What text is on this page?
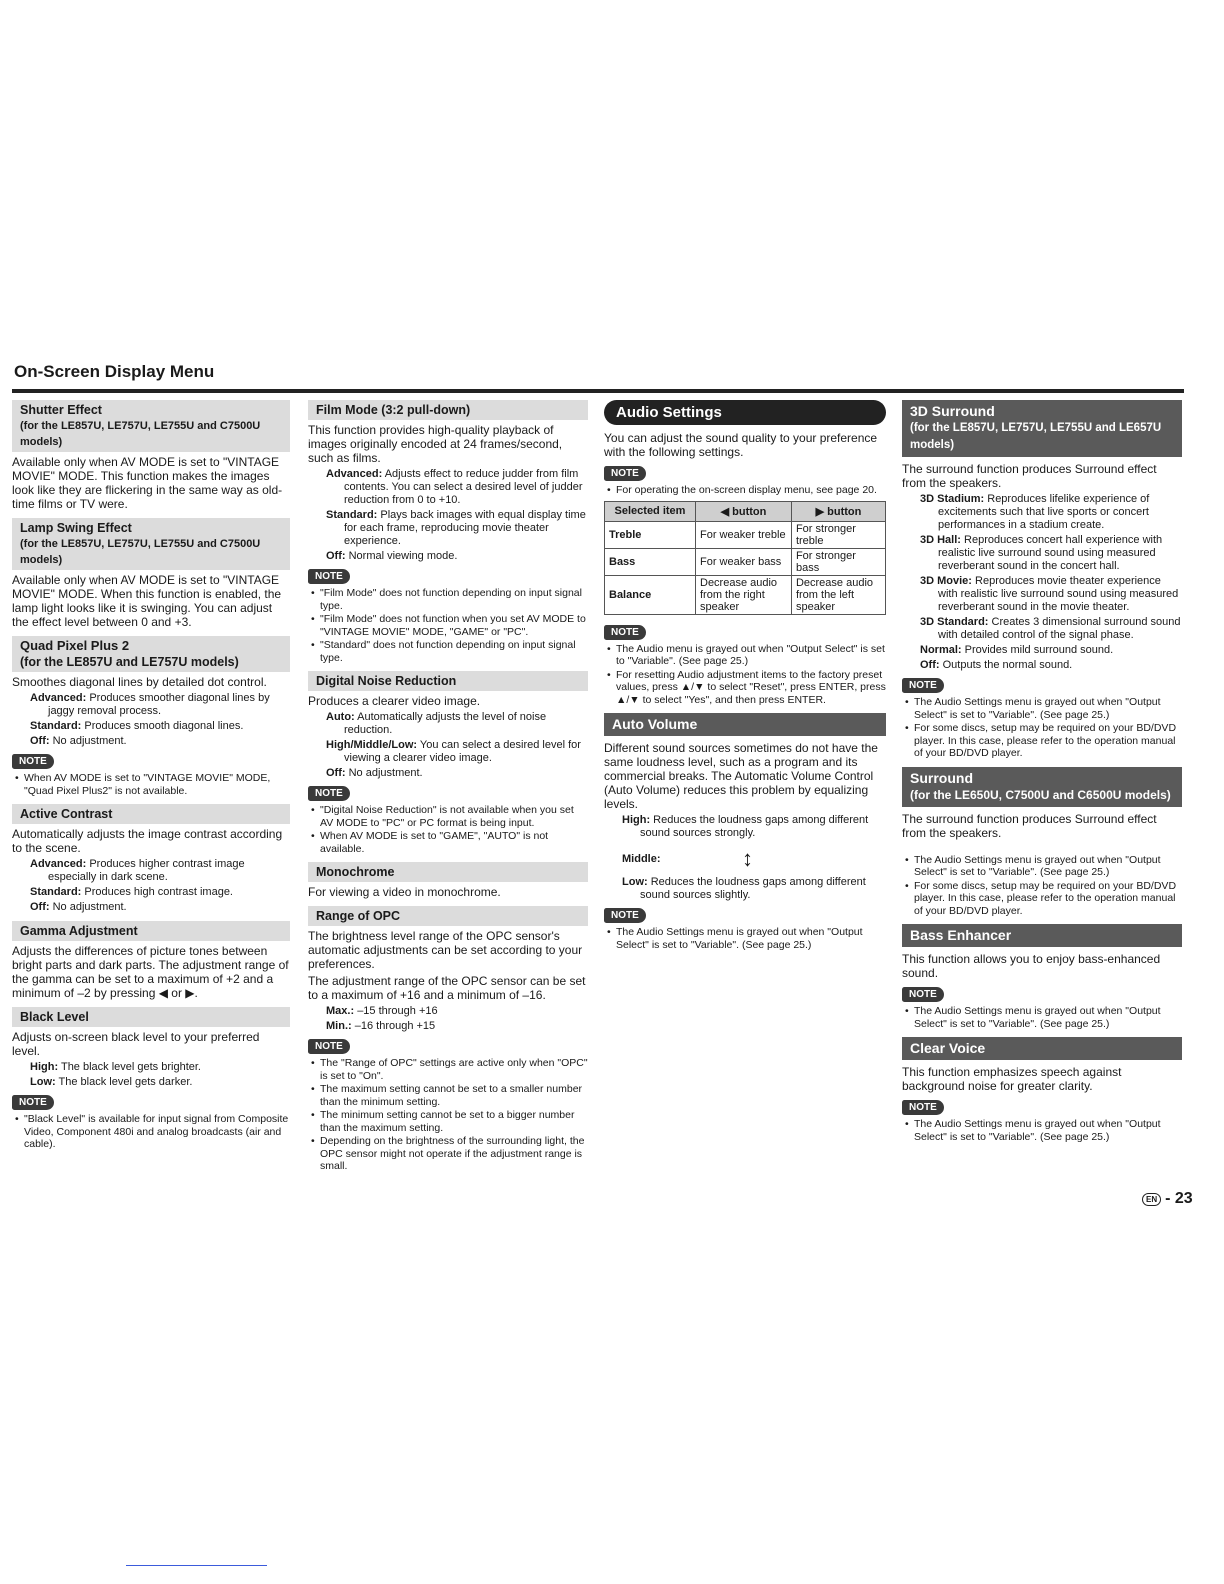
On-Screen Display Menu
Shutter Effect
(for the LE857U, LE757U, LE755U and C7500U models)

Available only when AV MODE is set to "VINTAGE MOVIE" MODE. This function makes the images look like they are flickering in the same way as old-time films or TV were.

Lamp Swing Effect
(for the LE857U, LE757U, LE755U and C7500U models)

Available only when AV MODE is set to "VINTAGE MOVIE" MODE. When this function is enabled, the lamp light looks like it is swinging. You can adjust the effect level between 0 and +3.

Quad Pixel Plus 2
(for the LE857U and LE757U models)

Smoothes diagonal lines by detailed dot control.

Advanced: Produces smoother diagonal lines by jaggy removal process.
Standard: Produces smooth diagonal lines.
Off: No adjustment.
NOTE
• When AV MODE is set to "VINTAGE MOVIE" MODE, "Quad Pixel Plus2" is not available.
Active Contrast

Automatically adjusts the image contrast according to the scene.

Advanced: Produces higher contrast image especially in dark scene.
Standard: Produces high contrast image.
Off: No adjustment.
Gamma Adjustment

Adjusts the differences of picture tones between bright parts and dark parts. The adjustment range of the gamma can be set to a maximum of +2 and a minimum of –2 by pressing ◀ or ▶.

Black Level

Adjusts on-screen black level to your preferred level.

High: The black level gets brighter.
Low: The black level gets darker.
NOTE
• "Black Level" is available for input signal from Composite Video, Component 480i and analog broadcasts (air and cable).
Film Mode (3:2 pull-down)

This function provides high-quality playback of images originally encoded at 24 frames/second, such as films.

Advanced: Adjusts effect to reduce judder from film contents. You can select a desired level of judder reduction from 0 to +10.
Standard: Plays back images with equal display time for each frame, reproducing movie theater experience.
Off: Normal viewing mode.
NOTE
• "Film Mode" does not function depending on input signal type.
• "Film Mode" does not function when you set AV MODE to "VINTAGE MOVIE" MODE, "GAME" or "PC".
• "Standard" does not function depending on input signal type.
Digital Noise Reduction

Produces a clearer video image.

Auto: Automatically adjusts the level of noise reduction.
High/Middle/Low: You can select a desired level for viewing a clearer video image.
Off: No adjustment.
NOTE
• "Digital Noise Reduction" is not available when you set AV MODE to "PC" or PC format is being input.
• When AV MODE is set to "GAME", "AUTO" is not available.
Monochrome

For viewing a video in monochrome.

Range of OPC

The brightness level range of the OPC sensor's automatic adjustments can be set according to your preferences.

The adjustment range of the OPC sensor can be set to a maximum of +16 and a minimum of –16.

Max.: –15 through +16
Min.: –16 through +15
NOTE
• The "Range of OPC" settings are active only when "OPC" is set to "On".
• The maximum setting cannot be set to a smaller number than the minimum setting.
• The minimum setting cannot be set to a bigger number than the maximum setting.
• Depending on the brightness of the surrounding light, the OPC sensor might not operate if the adjustment range is small.
Audio Settings

You can adjust the sound quality to your preference with the following settings.

NOTE
• For operating the on-screen display menu, see page 20.
Selected item	◀ button	▶ button
Treble	For weaker treble	For stronger treble
Bass	For weaker bass	For stronger bass
Balance	Decrease audio from the right speaker	Decrease audio from the left speaker
NOTE
• The Audio menu is grayed out when "Output Select" is set to "Variable". (See page 25.)
• For resetting Audio adjustment items to the factory preset values, press ▲/▼ to select "Reset", press ENTER, press ▲/▼ to select "Yes", and then press ENTER.
Auto Volume

Different sound sources sometimes do not have the same loudness level, such as a program and its commercial breaks. The Automatic Volume Control (Auto Volume) reduces this problem by equalizing levels.

High: Reduces the loudness gaps among different sound sources strongly.
Middle:	↕
Low: Reduces the loudness gaps among different sound sources slightly.
NOTE
• The Audio Settings menu is grayed out when "Output Select" is set to "Variable". (See page 25.)
3D Surround
(for the LE857U, LE757U, LE755U and LE657U models)

The surround function produces Surround effect from the speakers.

3D Stadium: Reproduces lifelike experience of excitements such that live sports or concert performances in a stadium create.
3D Hall: Reproduces concert hall experience with realistic live surround sound using measured reverberant sound in the concert hall.
3D Movie: Reproduces movie theater experience with realistic live surround sound using measured reverberant sound in the movie theater.
3D Standard: Creates 3 dimensional surround sound with detailed control of the signal phase.
Normal: Provides mild surround sound.
Off: Outputs the normal sound.
NOTE
• The Audio Settings menu is grayed out when "Output Select" is set to "Variable". (See page 25.)
• For some discs, setup may be required on your BD/DVD player. In this case, please refer to the operation manual of your BD/DVD player.
Surround
(for the LE650U, C7500U and C6500U models)

The surround function produces Surround effect from the speakers.

• The Audio Settings menu is grayed out when "Output Select" is set to "Variable". (See page 25.)
• For some discs, setup may be required on your BD/DVD player. In this case, please refer to the operation manual of your BD/DVD player.
Bass Enhancer

This function allows you to enjoy bass-enhanced sound.

NOTE
• The Audio Settings menu is grayed out when "Output Select" is set to "Variable". (See page 25.)
Clear Voice

This function emphasizes speech against background noise for greater clarity.

NOTE
• The Audio Settings menu is grayed out when "Output Select" is set to "Variable". (See page 25.)
EN - 23
